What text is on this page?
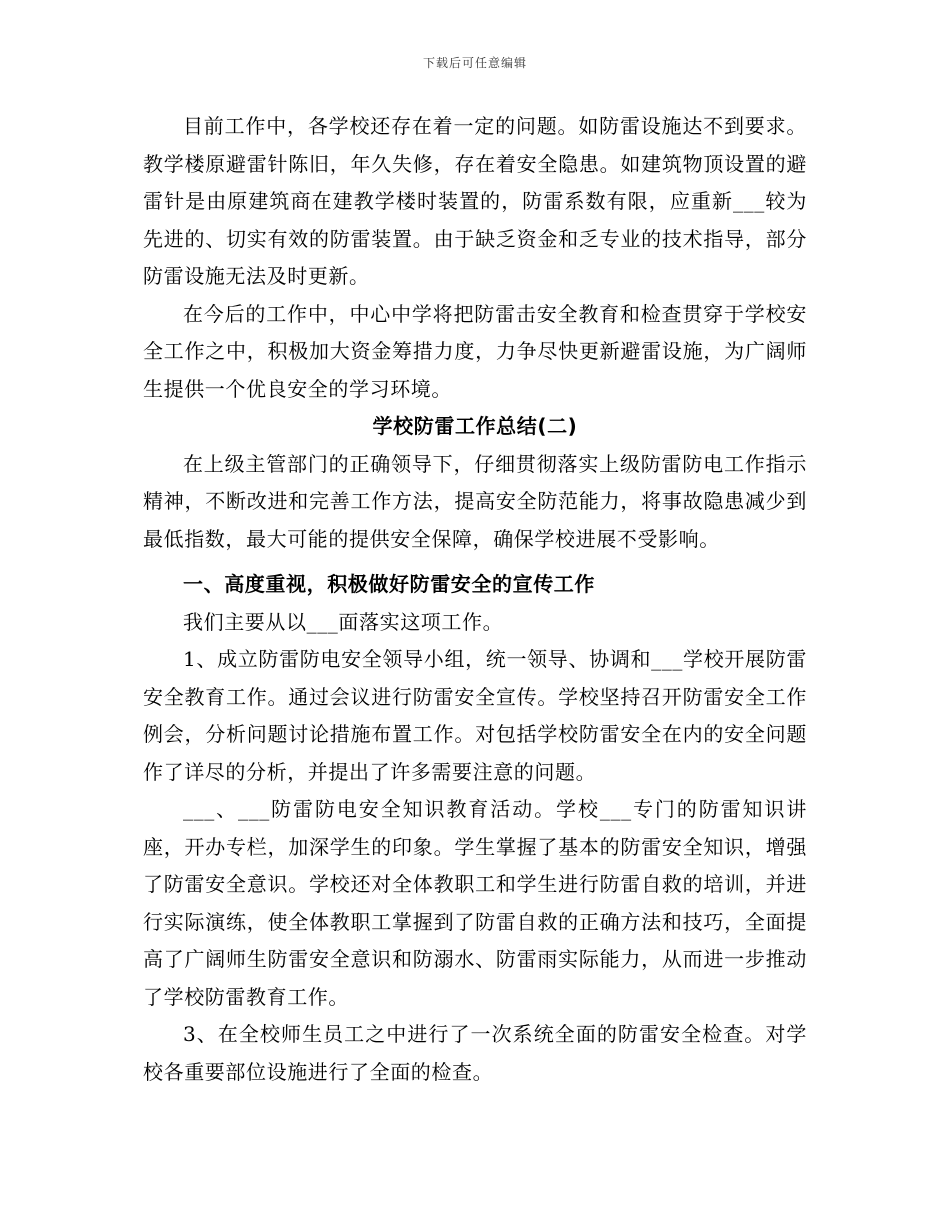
下载后可任意编辑

目前工作中，各学校还存在着一定的问题。如防雷设施达不到要求。教学楼原避雷针陈旧，年久失修，存在着安全隐患。如建筑物顶设置的避雷针是由原建筑商在建教学楼时装置的，防雷系数有限，应重新___较为先进的、切实有效的防雷装置。由于缺乏资金和乏专业的技术指导，部分防雷设施无法及时更新。

在今后的工作中，中心中学将把防雷击安全教育和检查贯穿于学校安全工作之中，积极加大资金筹措力度，力争尽快更新避雷设施，为广阔师生提供一个优良安全的学习环境。

学校防雷工作总结(二)

在上级主管部门的正确领导下，仔细贯彻落实上级防雷防电工作指示精神，不断改进和完善工作方法，提高安全防范能力，将事故隐患减少到最低指数，最大可能的提供安全保障，确保学校进展不受影响。

一、高度重视，积极做好防雷安全的宣传工作

我们主要从以___面落实这项工作。

1、成立防雷防电安全领导小组，统一领导、协调和___学校开展防雷安全教育工作。通过会议进行防雷安全宣传。学校坚持召开防雷安全工作例会，分析问题讨论措施布置工作。对包括学校防雷安全在内的安全问题作了详尽的分析，并提出了许多需要注意的问题。

___、___防雷防电安全知识教育活动。学校___专门的防雷知识讲座，开办专栏，加深学生的印象。学生掌握了基本的防雷安全知识，增强了防雷安全意识。学校还对全体教职工和学生进行防雷自救的培训，并进行实际演练，使全体教职工掌握到了防雷自救的正确方法和技巧，全面提高了广阔师生防雷安全意识和防溺水、防雷雨实际能力，从而进一步推动了学校防雷教育工作。

3、在全校师生员工之中进行了一次系统全面的防雷安全检查。对学校各重要部位设施进行了全面的检查。
